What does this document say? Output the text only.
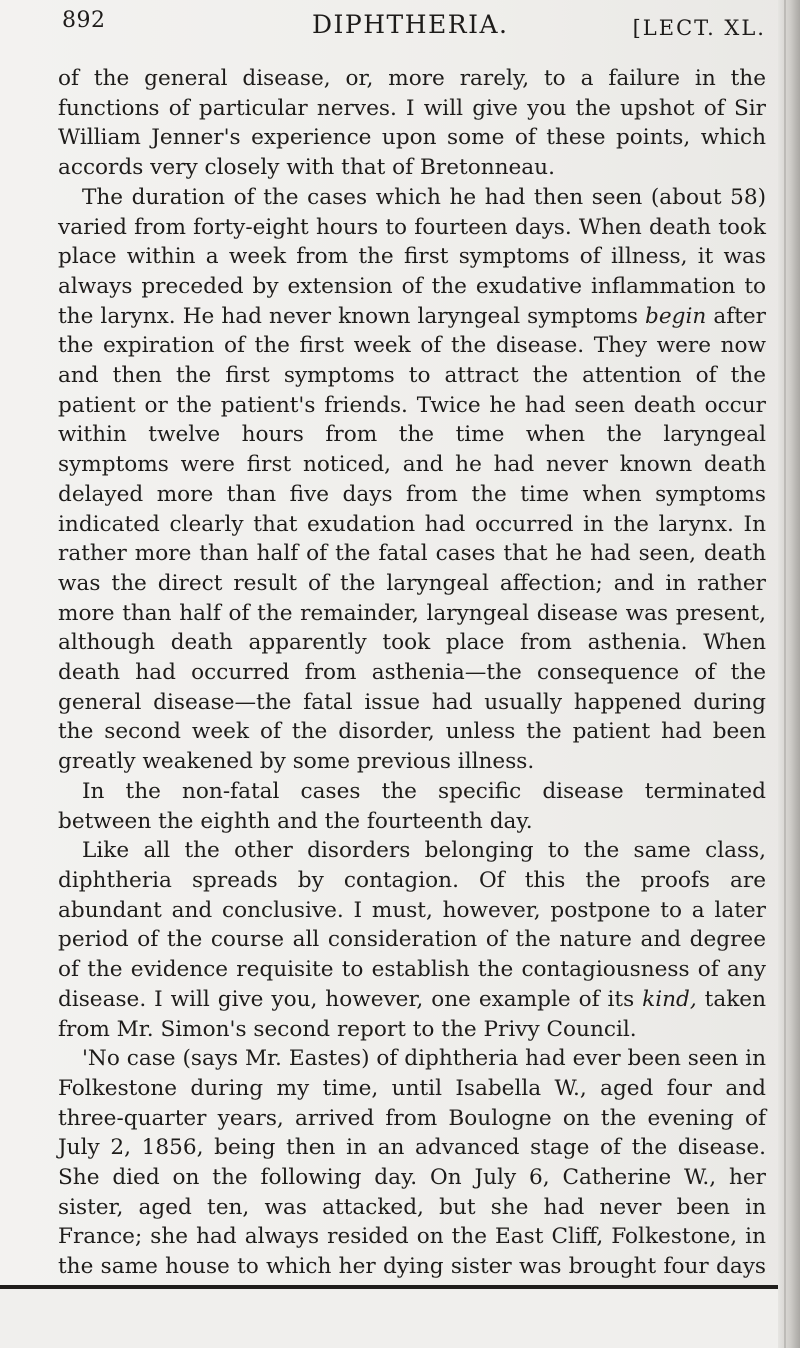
892	DIPHTHERIA.	[LECT. XL.

of the general disease, or, more rarely, to a failure in the functions of particular nerves. I will give you the upshot of Sir William Jenner's experience upon some of these points, which accords very closely with that of Bretonneau.

The duration of the cases which he had then seen (about 58) varied from forty-eight hours to fourteen days. When death took place within a week from the first symptoms of illness, it was always preceded by extension of the exudative inflammation to the larynx. He had never known laryngeal symptoms begin after the expiration of the first week of the disease. They were now and then the first symptoms to attract the attention of the patient or the patient's friends. Twice he had seen death occur within twelve hours from the time when the laryngeal symptoms were first noticed, and he had never known death delayed more than five days from the time when symptoms indicated clearly that exudation had occurred in the larynx. In rather more than half of the fatal cases that he had seen, death was the direct result of the laryngeal affection; and in rather more than half of the remainder, laryngeal disease was present, although death apparently took place from asthenia. When death had occurred from asthenia—the consequence of the general disease—the fatal issue had usually happened during the second week of the disorder, unless the patient had been greatly weakened by some previous illness.

In the non-fatal cases the specific disease terminated between the eighth and the fourteenth day.

Like all the other disorders belonging to the same class, diphtheria spreads by contagion. Of this the proofs are abundant and conclusive. I must, however, postpone to a later period of the course all consideration of the nature and degree of the evidence requisite to establish the contagiousness of any disease. I will give you, however, one example of its kind, taken from Mr. Simon's second report to the Privy Council.

'No case (says Mr. Eastes) of diphtheria had ever been seen in Folkestone during my time, until Isabella W., aged four and three-quarter years, arrived from Boulogne on the evening of July 2, 1856, being then in an advanced stage of the disease. She died on the following day. On July 6, Catherine W., her sister, aged ten, was attacked, but she had never been in France; she had always resided on the East Cliff, Folkestone, in the same house to which her dying sister was brought four days
